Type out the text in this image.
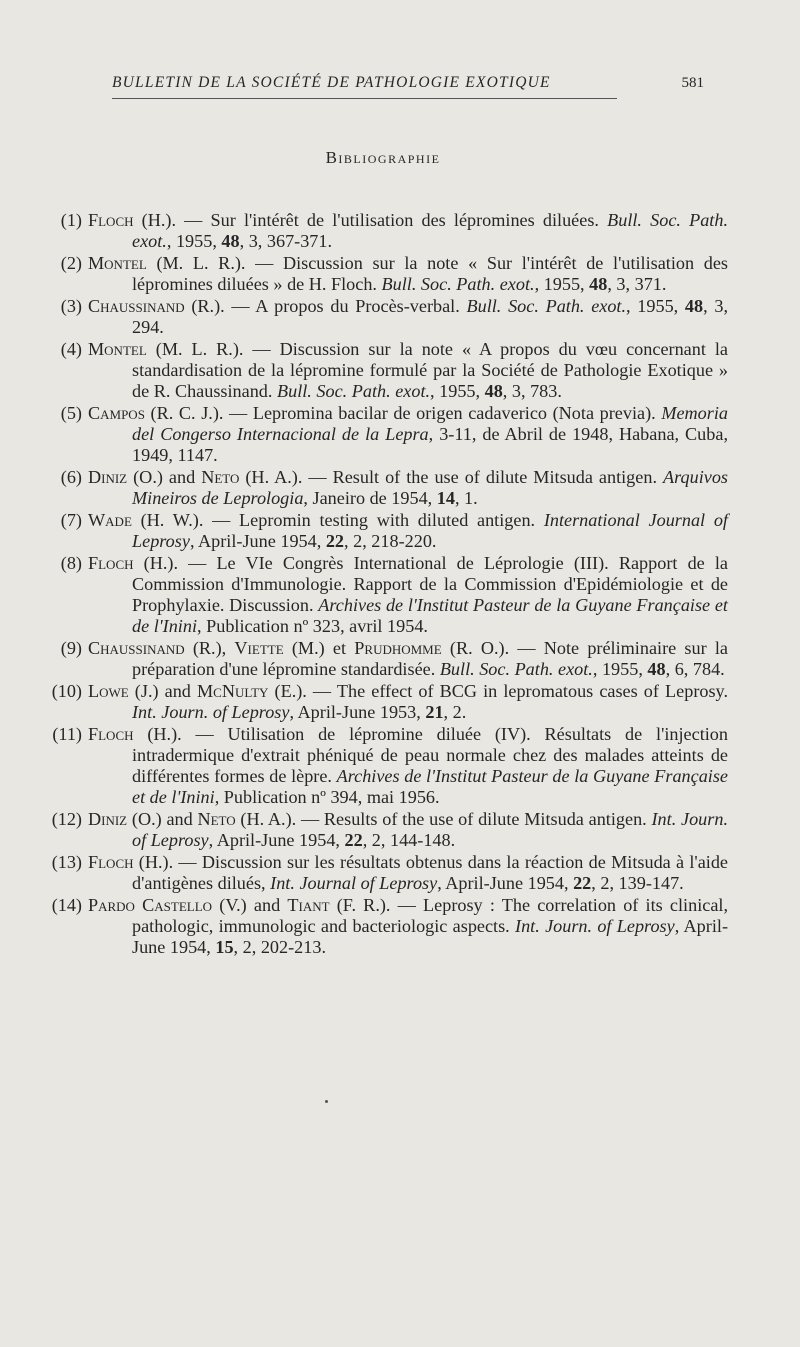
BULLETIN DE LA SOCIÉTÉ DE PATHOLOGIE EXOTIQUE	581
Bibliographie
(1) Floch (H.). — Sur l'intérêt de l'utilisation des lépromines diluées. Bull. Soc. Path. exot., 1955, 48, 3, 367-371.
(2) Montel (M. L. R.). — Discussion sur la note « Sur l'intérêt de l'utilisation des lépromines diluées » de H. Floch. Bull. Soc. Path. exot., 1955, 48, 3, 371.
(3) Chaussinand (R.). — A propos du Procès-verbal. Bull. Soc. Path. exot., 1955, 48, 3, 294.
(4) Montel (M. L. R.). — Discussion sur la note « A propos du vœu concernant la standardisation de la lépromine formulé par la Société de Pathologie Exotique » de R. Chaussinand. Bull. Soc. Path. exot., 1955, 48, 3, 783.
(5) Campos (R. C. J.). — Lepromina bacilar de origen cadaverico (Nota previa). Memoria del Congerso Internacional de la Lepra, 3-11, de Abril de 1948, Habana, Cuba, 1949, 1147.
(6) Diniz (O.) and Neto (H. A.). — Result of the use of dilute Mitsuda antigen. Arquivos Mineiros de Leprologia, Janeiro de 1954, 14, 1.
(7) Wade (H. W.). — Lepromin testing with diluted antigen. International Journal of Leprosy, April-June 1954, 22, 2, 218-220.
(8) Floch (H.). — Le VIe Congrès International de Léprologie (III). Rapport de la Commission d'Immunologie. Rapport de la Commission d'Epidémiologie et de Prophylaxie. Discussion. Archives de l'Institut Pasteur de la Guyane Française et de l'Inini, Publication nº 323, avril 1954.
(9) Chaussinand (R.), Viette (M.) et Prudhomme (R. O.). — Note préliminaire sur la préparation d'une lépromine standardisée. Bull. Soc. Path. exot., 1955, 48, 6, 784.
(10) Lowe (J.) and McNulty (E.). — The effect of BCG in lepromatous cases of Leprosy. Int. Journ. of Leprosy, April-June 1953, 21, 2.
(11) Floch (H.). — Utilisation de lépromine diluée (IV). Résultats de l'injection intradermique d'extrait phéniqué de peau normale chez des malades atteints de différentes formes de lèpre. Archives de l'Institut Pasteur de la Guyane Française et de l'Inini, Publication nº 394, mai 1956.
(12) Diniz (O.) and Neto (H. A.). — Results of the use of dilute Mitsuda antigen. Int. Journ. of Leprosy, April-June 1954, 22, 2, 144-148.
(13) Floch (H.). — Discussion sur les résultats obtenus dans la réaction de Mitsuda à l'aide d'antigènes dilués, Int. Journal of Leprosy, April-June 1954, 22, 2, 139-147.
(14) Pardo Castello (V.) and Tiant (F. R.). — Leprosy : The correlation of its clinical, pathologic, immunologic and bacteriologic aspects. Int. Journ. of Leprosy, April-June 1954, 15, 2, 202-213.
